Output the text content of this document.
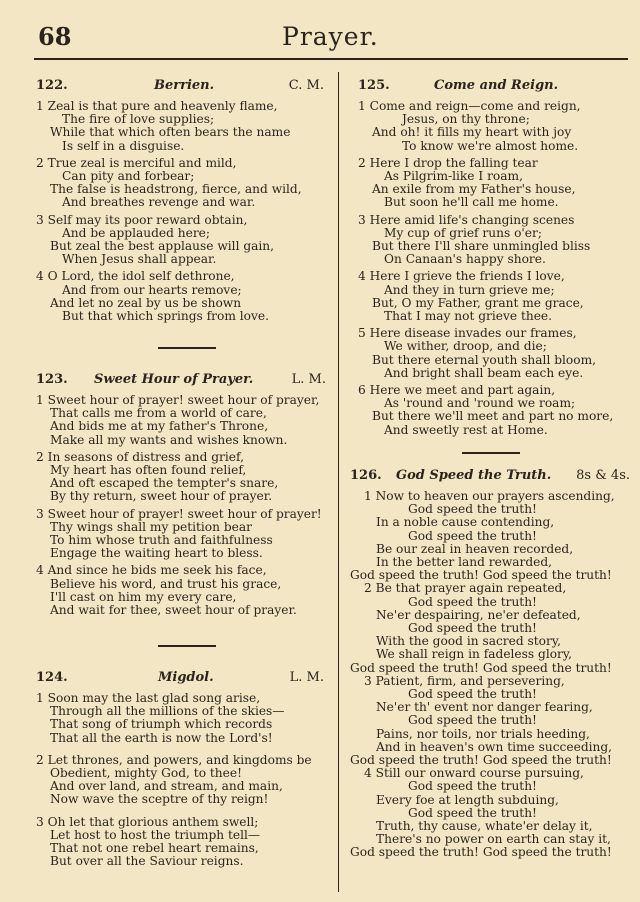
68	Prayer.
122.	Berrien.	C. M.
1 Zeal is that pure and heavenly flame,
The fire of love supplies;
While that which often bears the name
Is self in a disguise.
2 True zeal is merciful and mild,
Can pity and forbear;
The false is headstrong, fierce, and wild,
And breathes revenge and war.
3 Self may its poor reward obtain,
And be applauded here;
But zeal the best applause will gain,
When Jesus shall appear.
4 O Lord, the idol self dethrone,
And from our hearts remove;
And let no zeal by us be shown
But that which springs from love.
123. Sweet Hour of Prayer.	L. M.
1 Sweet hour of prayer! sweet hour of prayer,
That calls me from a world of care,
And bids me at my father's Throne,
Make all my wants and wishes known.
2 In seasons of distress and grief,
My heart has often found relief,
And oft escaped the tempter's snare,
By thy return, sweet hour of prayer.
3 Sweet hour of prayer! sweet hour of prayer!
Thy wings shall my petition bear
To him whose truth and faithfulness
Engage the waiting heart to bless.
4 And since he bids me seek his face,
Believe his word, and trust his grace,
I'll cast on him my every care,
And wait for thee, sweet hour of prayer.
124.	Migdol.	L. M.
1 Soon may the last glad song arise,
Through all the millions of the skies—
That song of triumph which records
That all the earth is now the Lord's!
2 Let thrones, and powers, and kingdoms be
Obedient, mighty God, to thee!
And over land, and stream, and main,
Now wave the sceptre of thy reign!
3 Oh let that glorious anthem swell;
Let host to host the triumph tell—
That not one rebel heart remains,
But over all the Saviour reigns.
125.	Come and Reign.
1 Come and reign—come and reign,
Jesus, on thy throne;
And oh! it fills my heart with joy
To know we're almost home.
2 Here I drop the falling tear
As Pilgrim-like I roam,
An exile from my Father's house,
But soon he'll call me home.
3 Here amid life's changing scenes
My cup of grief runs o'er;
But there I'll share unmingled bliss
On Canaan's happy shore.
4 Here I grieve the friends I love,
And they in turn grieve me;
But, O my Father, grant me grace,
That I may not grieve thee.
5 Here disease invades our frames,
We wither, droop, and die;
But there eternal youth shall bloom,
And bright shall beam each eye.
6 Here we meet and part again,
As 'round and 'round we roam;
But there we'll meet and part no more,
And sweetly rest at Home.
126. God Speed the Truth. 8s & 4s.
1 Now to heaven our prayers ascending,
God speed the truth!
In a noble cause contending,
God speed the truth!
Be our zeal in heaven recorded,
In the better land rewarded,
God speed the truth! God speed the truth!
2 Be that prayer again repeated,
God speed the truth!
Ne'er despairing, ne'er defeated,
God speed the truth!
With the good in sacred story,
We shall reign in fadeless glory,
God speed the truth! God speed the truth!
3 Patient, firm, and persevering,
God speed the truth!
Ne'er th' event nor danger fearing,
God speed the truth!
Pains, nor toils, nor trials heeding,
And in heaven's own time succeeding,
God speed the truth! God speed the truth!
4 Still our onward course pursuing,
God speed the truth!
Every foe at length subduing,
God speed the truth!
Truth, thy cause, whate'er delay it,
There's no power on earth can stay it,
God speed the truth! God speed the truth!
